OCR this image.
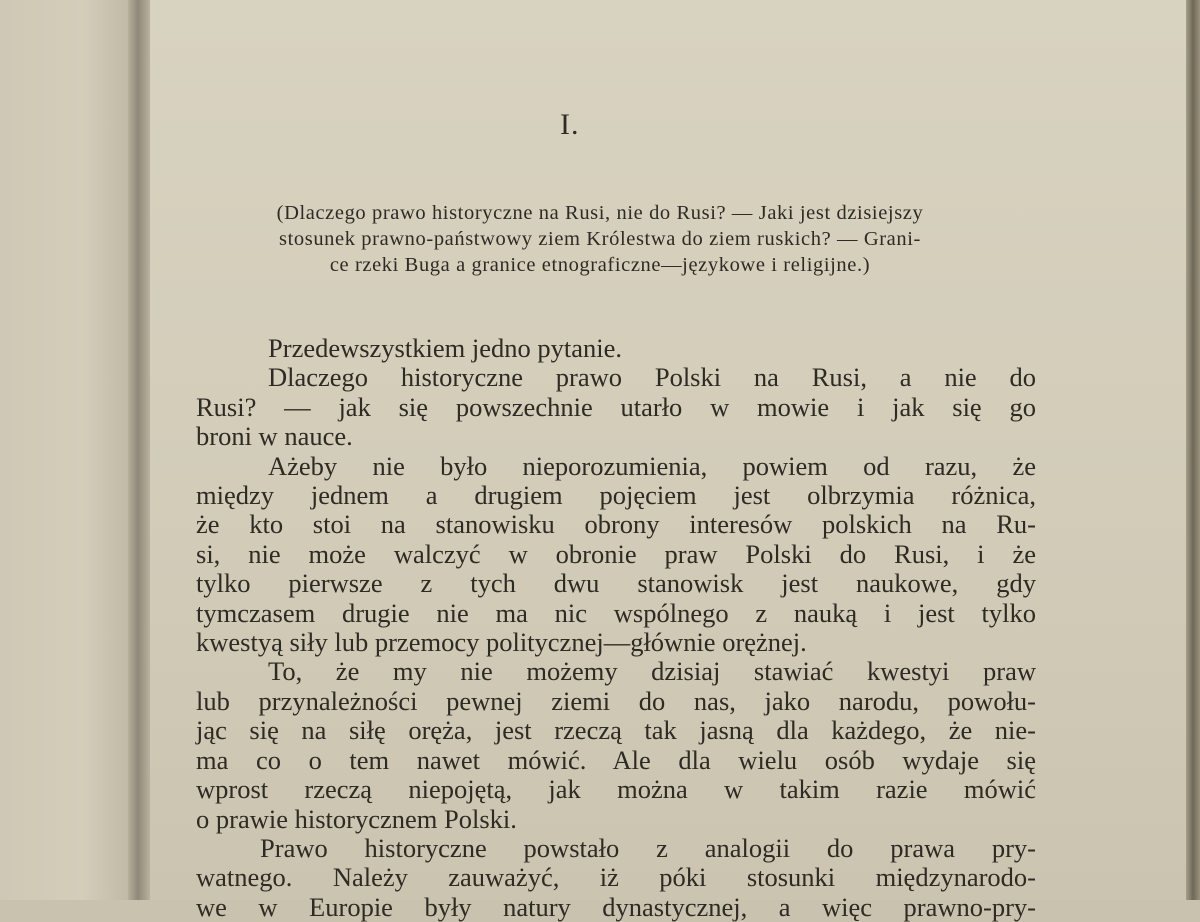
I.
(Dlaczego prawo historyczne na Rusi, nie do Rusi? — Jaki jest dzisiejszy
stosunek prawno-państwowy ziem Królestwa do ziem ruskich? — Grani-
ce rzeki Buga a granice etnograficzne—językowe i religijne.)
Przedewszystkiem jedno pytanie.
Dlaczego historyczne prawo Polski na Rusi, a nie do
Rusi? — jak się powszechnie utarło w mowie i jak się go
broni w nauce.
Ażeby nie było nieporozumienia, powiem od razu, że
między jednem a drugiem pojęciem jest olbrzymia różnica,
że kto stoi na stanowisku obrony interesów polskich na Ru-
si, nie może walczyć w obronie praw Polski do Rusi, i że
tylko pierwsze z tych dwu stanowisk jest naukowe, gdy
tymczasem drugie nie ma nic wspólnego z nauką i jest tylko
kwestyą siły lub przemocy politycznej—głównie orężnej.
To, że my nie możemy dzisiaj stawiać kwestyi praw
lub przynależności pewnej ziemi do nas, jako narodu, powołu-
jąc się na siłę oręża, jest rzeczą tak jasną dla każdego, że nie-
ma co o tem nawet mówić. Ale dla wielu osób wydaje się
wprost rzeczą niepojętą, jak można w takim razie mówić
o prawie historycznem Polski.
Prawo historyczne powstało z analogii do prawa pry-
watnego. Należy zauważyć, iż póki stosunki międzynarodo-
we w Europie były natury dynastycznej, a więc prawno-pry-
